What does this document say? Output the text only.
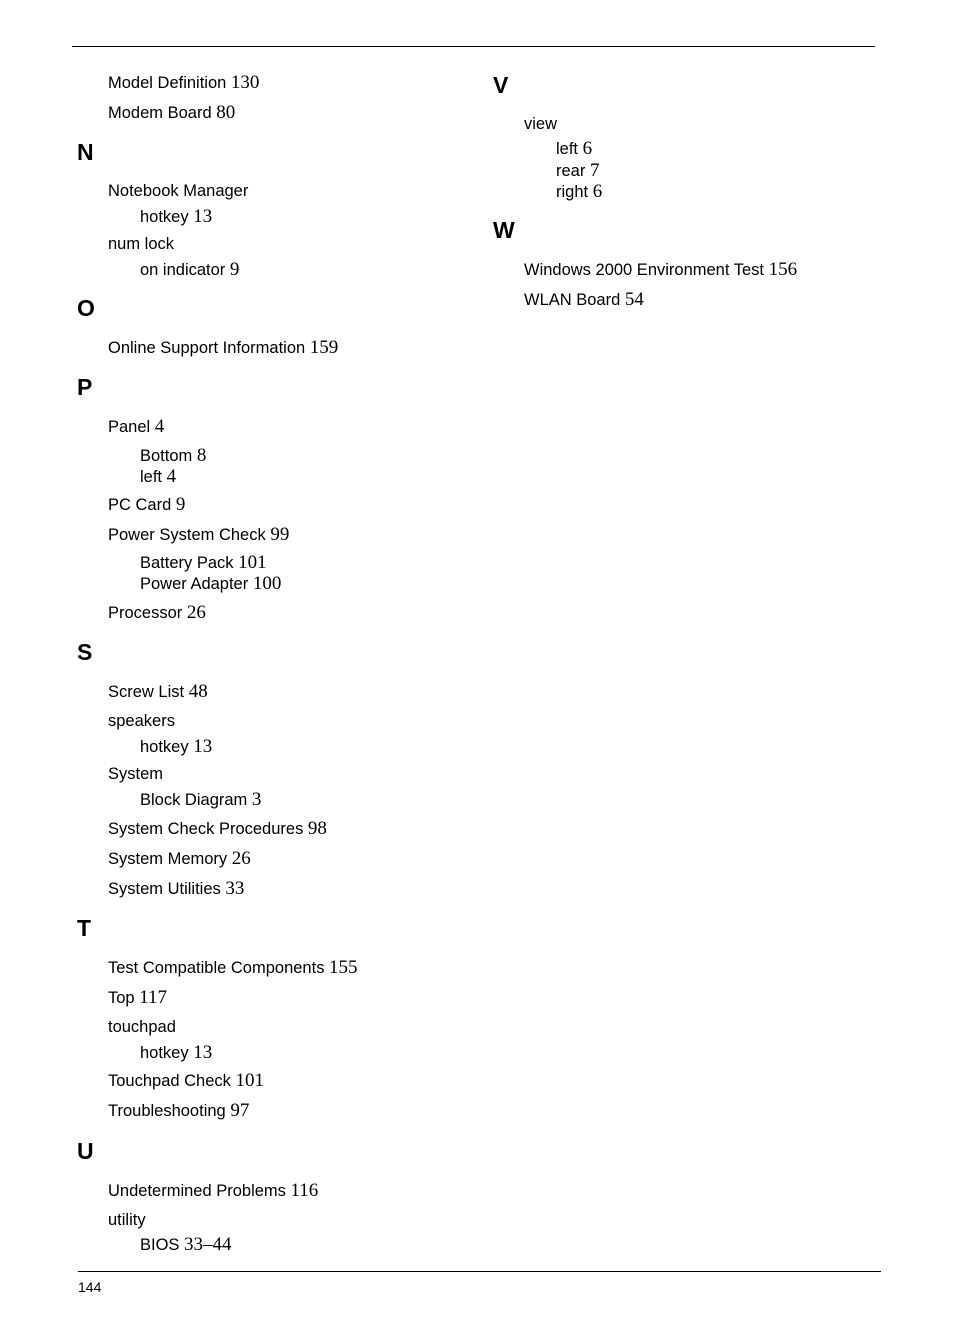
Model Definition 130
Modem Board 80
N
Notebook Manager
hotkey 13
num lock
on indicator 9
O
Online Support Information 159
P
Panel 4
Bottom 8
left 4
PC Card 9
Power System Check 99
Battery Pack 101
Power Adapter 100
Processor 26
S
Screw List 48
speakers
hotkey 13
System
Block Diagram 3
System Check Procedures 98
System Memory 26
System Utilities 33
T
Test Compatible Components 155
Top 117
touchpad
hotkey 13
Touchpad Check 101
Troubleshooting 97
U
Undetermined Problems 116
utility
BIOS 33–44
V
view
left 6
rear 7
right 6
W
Windows 2000 Environment Test 156
WLAN Board 54
144
